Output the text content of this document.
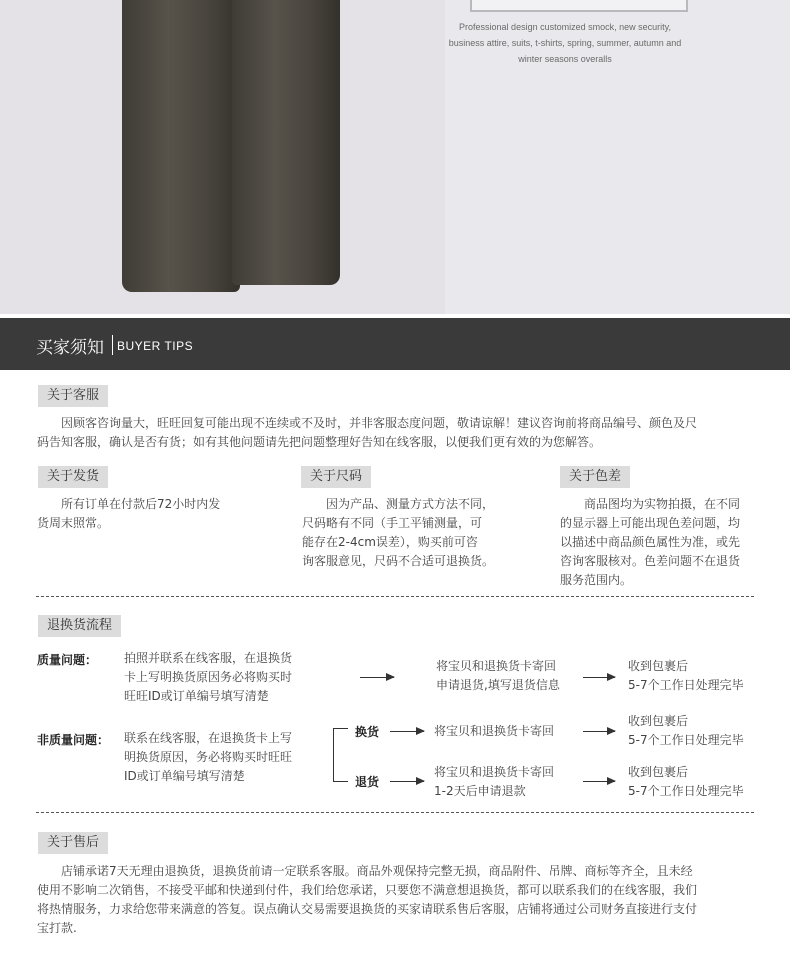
Professional design customized smock, new security,
business attire, suits, t-shirts, spring, summer, autumn and
winter seasons overalls
买家须知 BUYER TIPS
关于客服
因顾客咨询量大，旺旺回复可能出现不连续或不及时，并非客服态度问题，敬请谅解！建议咨询前将商品编号、颜色及尺
码告知客服，确认是否有货；如有其他问题请先把问题整理好告知在线客服，以便我们更有效的为您解答。
关于发货
所有订单在付款后72小时内发
货周末照常。
关于尺码
因为产品、测量方式方法不同，
尺码略有不同（手工平铺测量，可
能存在2-4cm误差），购买前可咨
询客服意见，尺码不合适可退换货。
关于色差
商品图均为实物拍摄，在不同
的显示器上可能出现色差问题，均
以描述中商品颜色属性为准，或先
咨询客服核对。色差问题不在退货
服务范围内。
退换货流程
质量问题： 拍照并联系在线客服，在退换货
卡上写明换货原因务必将购买时
旺旺ID或订单编号填写清楚
将宝贝和退换货卡寄回
申请退货,填写退货信息
收到包裹后
5-7个工作日处理完毕
非质量问题： 联系在线客服，在退换货卡上写
明换货原因，务必将购买时旺旺
ID或订单编号填写清楚
换货	将宝贝和退换货卡寄回
收到包裹后
5-7个工作日处理完毕
退货
将宝贝和退换货卡寄回
1-2天后申请退款
收到包裹后
5-7个工作日处理完毕
关于售后
店铺承诺7天无理由退换货，退换货前请一定联系客服。商品外观保持完整无损，商品附件、吊牌、商标等齐全，且未经
使用不影响二次销售，不接受平邮和快递到付件，我们给您承诺，只要您不满意想退换货，都可以联系我们的在线客服，我们
将热情服务，力求给您带来满意的答复。误点确认交易需要退换货的买家请联系售后客服，店铺将通过公司财务直接进行支付
宝打款.
